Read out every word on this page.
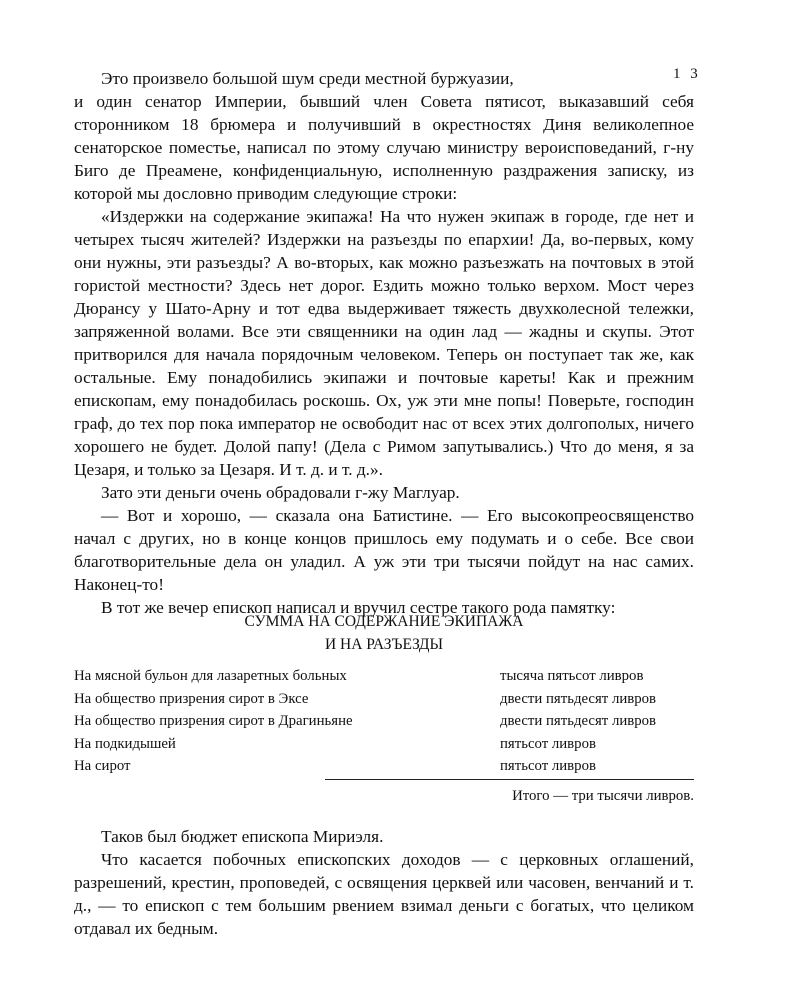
1 3

Это произвело большой шум среди местной буржуазии,
и один сенатор Империи, бывший член Совета пятисот, выказавший себя сторонником 18 брюмера и получивший в окрестностях Диня великолепное сенаторское поместье, написал по этому случаю министру вероисповеданий, г-ну Биго де Преамене, конфиденциальную, исполненную раздражения записку, из которой мы дословно приводим следующие строки:

«Издержки на содержание экипажа! На что нужен экипаж в городе, где нет и четырех тысяч жителей? Издержки на разъезды по епархии! Да, во-первых, кому они нужны, эти разъезды? А во-вторых, как можно разъезжать на почтовых в этой гористой местности? Здесь нет дорог. Ездить можно только верхом. Мост через Дюрансу у Шато-Арну и тот едва выдерживает тяжесть двухколесной тележки, запряженной волами. Все эти священники на один лад — жадны и скупы. Этот притворился для начала порядочным человеком. Теперь он поступает так же, как остальные. Ему понадобились экипажи и почтовые кареты! Как и прежним епископам, ему понадобилась роскошь. Ох, уж эти мне попы! Поверьте, господин граф, до тех пор пока император не освободит нас от всех этих долгополых, ничего хорошего не будет. Долой папу! (Дела с Римом запутывались.) Что до меня, я за Цезаря, и только за Цезаря. И т. д. и т. д.».

Зато эти деньги очень обрадовали г-жу Маглуар.

— Вот и хорошо, — сказала она Батистине. — Его высокопреосвященство начал с других, но в конце концов пришлось ему подумать и о себе. Все свои благотворительные дела он уладил. А уж эти три тысячи пойдут на нас самих. Наконец-то!

В тот же вечер епископ написал и вручил сестре такого рода памятку:

СУММА НА СОДЕРЖАНИЕ ЭКИПАЖА
И НА РАЗЪЕЗДЫ
На мясной бульон для лазаретных больных	тысяча пятьсот ливров
На общество призрения сирот в Эксе	двести пятьдесят ливров
На общество призрения сирот в Драгиньяне	двести пятьдесят ливров
На подкидышей	пятьсот ливров
На сирот	пятьсот ливров
Итого — три тысячи ливров.

Таков был бюджет епископа Мириэля.

Что касается побочных епископских доходов — с церковных оглашений, разрешений, крестин, проповедей, с освящения церквей или часовен, венчаний и т. д., — то епископ с тем большим рвением взимал деньги с богатых, что целиком отдавал их бедным.
